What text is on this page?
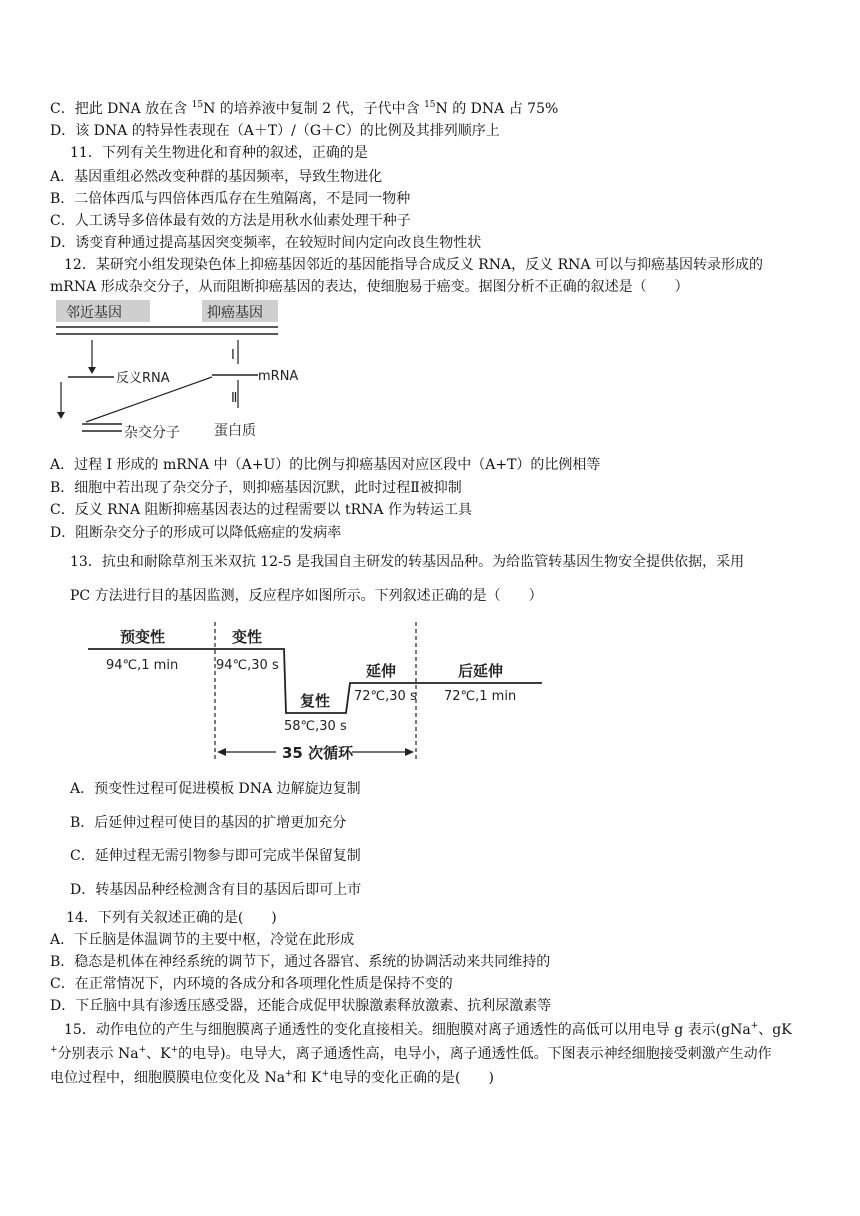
C．把此 DNA 放在含 $^{15}$N 的培养液中复制 2 代，子代中含 $^{15}$N 的 DNA 占 75%
D．该 DNA 的特异性表现在（A＋T）/（G＋C）的比例及其排列顺序上
11．下列有关生物进化和育种的叙述，正确的是
A．基因重组必然改变种群的基因频率，导致生物进化
B．二倍体西瓜与四倍体西瓜存在生殖隔离，不是同一物种
C．人工诱导多倍体最有效的方法是用秋水仙素处理干种子
D．诱变育种通过提高基因突变频率，在较短时间内定向改良生物性状
12．某研究小组发现染色体上抑癌基因邻近的基因能指导合成反义 RNA，反义 RNA 可以与抑癌基因转录形成的
mRNA 形成杂交分子，从而阻断抑癌基因的表达，使细胞易于癌变。据图分析不正确的叙述是（　　）
邻近基因	抑癌基因
反义RNA
Ⅰ
mRNA
Ⅱ
杂交分子 蛋白质
A．过程 I 形成的 mRNA 中（A+U）的比例与抑癌基因对应区段中（A+T）的比例相等
B．细胞中若出现了杂交分子，则抑癌基因沉默，此时过程Ⅱ被抑制
C．反义 RNA 阻断抑癌基因表达的过程需要以 tRNA 作为转运工具
D．阻断杂交分子的形成可以降低癌症的发病率
13．抗虫和耐除草剂玉米双抗 12-5 是我国自主研发的转基因品种。为给监管转基因生物安全提供依据，采用
PC 方法进行目的基因监测，反应程序如图所示。下列叙述正确的是（　　）
预变性
94℃,1 min
变性
94℃,30 s
复性
58℃,30 s
延伸
72℃,30 s
后延伸
72℃,1 min
35 次循环
A．预变性过程可促进模板 DNA 边解旋边复制
B．后延伸过程可使目的基因的扩增更加充分
C．延伸过程无需引物参与即可完成半保留复制
D．转基因品种经检测含有目的基因后即可上市
14．下列有关叙述正确的是(　　)
A．下丘脑是体温调节的主要中枢，冷觉在此形成
B．稳态是机体在神经系统的调节下，通过各器官、系统的协调活动来共同维持的
C．在正常情况下，内环境的各成分和各项理化性质是保持不变的
D．下丘脑中具有渗透压感受器，还能合成促甲状腺激素释放激素、抗利尿激素等
15．动作电位的产生与细胞膜离子通透性的变化直接相关。细胞膜对离子通透性的高低可以用电导 g 表示(gNa+、gK
+分别表示 Na+、K+的电导)。电导大，离子通透性高，电导小，离子通透性低。下图表示神经细胞接受刺激产生动作
电位过程中，细胞膜膜电位变化及 Na+和 K+电导的变化正确的是(　　)
